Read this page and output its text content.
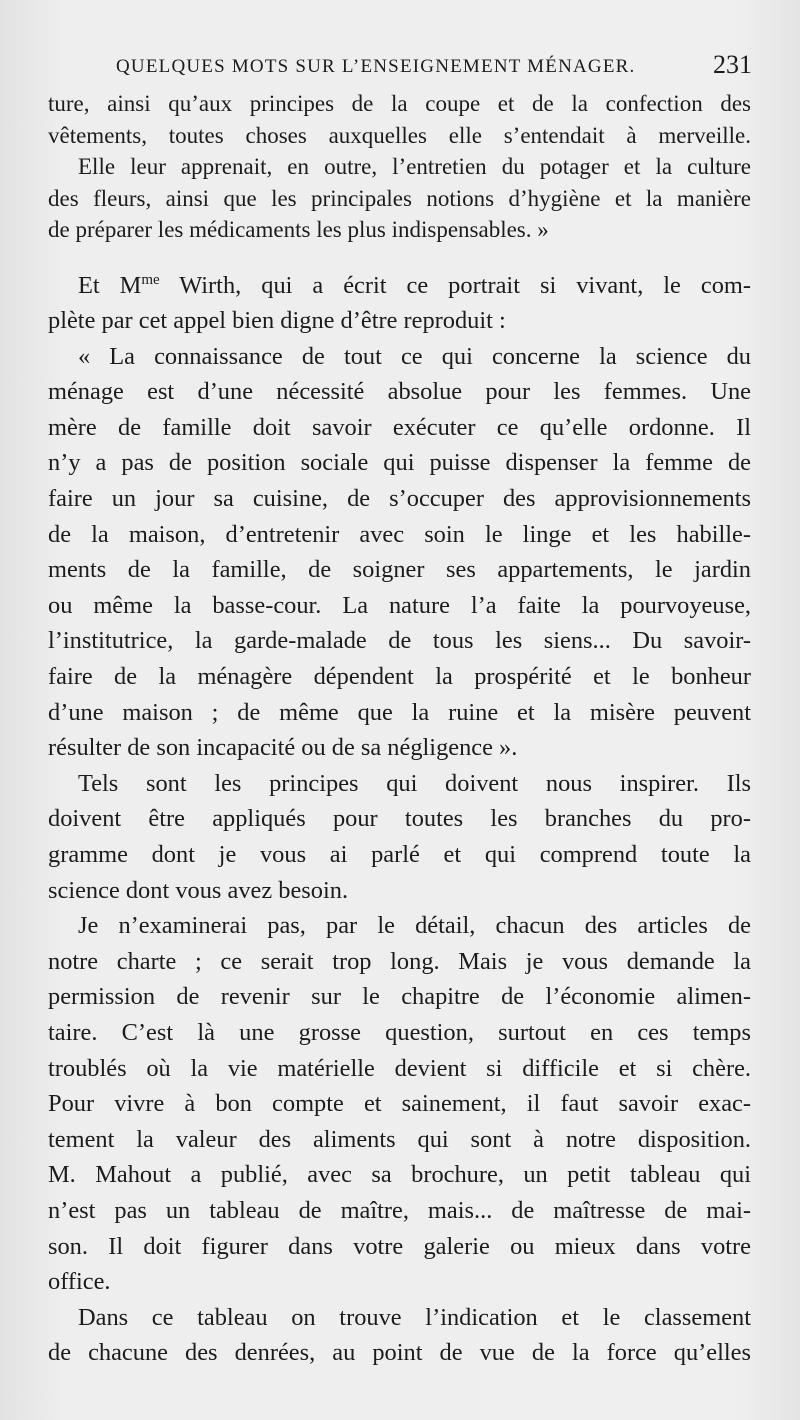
QUELQUES MOTS SUR L’ENSEIGNEMENT MÉNAGER.	231
ture, ainsi qu’aux principes de la coupe et de la confection des
vêtements, toutes choses auxquelles elle s’entendait à merveille.
Elle leur apprenait, en outre, l’entretien du potager et la culture
des fleurs, ainsi que les principales notions d’hygiène et la manière
de préparer les médicaments les plus indispensables. »
Et $M^{me}$ Wirth, qui a écrit ce portrait si vivant, le com-
plète par cet appel bien digne d’être reproduit :
« La connaissance de tout ce qui concerne la science du
ménage est d’une nécessité absolue pour les femmes. Une
mère de famille doit savoir exécuter ce qu’elle ordonne. Il
n’y a pas de position sociale qui puisse dispenser la femme de
faire un jour sa cuisine, de s’occuper des approvisionnements
de la maison, d’entretenir avec soin le linge et les habille-
ments de la famille, de soigner ses appartements, le jardin
ou même la basse-cour. La nature l’a faite la pourvoyeuse,
l’institutrice, la garde-malade de tous les siens... Du savoir-
faire de la ménagère dépendent la prospérité et le bonheur
d’une maison ; de même que la ruine et la misère peuvent
résulter de son incapacité ou de sa négligence ».
Tels sont les principes qui doivent nous inspirer. Ils
doivent être appliqués pour toutes les branches du pro-
gramme dont je vous ai parlé et qui comprend toute la
science dont vous avez besoin.
Je n’examinerai pas, par le détail, chacun des articles de
notre charte ; ce serait trop long. Mais je vous demande la
permission de revenir sur le chapitre de l’économie alimen-
taire. C’est là une grosse question, surtout en ces temps
troublés où la vie matérielle devient si difficile et si chère.
Pour vivre à bon compte et sainement, il faut savoir exac-
tement la valeur des aliments qui sont à notre disposition.
M. Mahout a publié, avec sa brochure, un petit tableau qui
n’est pas un tableau de maître, mais... de maîtresse de mai-
son. Il doit figurer dans votre galerie ou mieux dans votre
office.
Dans ce tableau on trouve l’indication et le classement
de chacune des denrées, au point de vue de la force qu’elles
